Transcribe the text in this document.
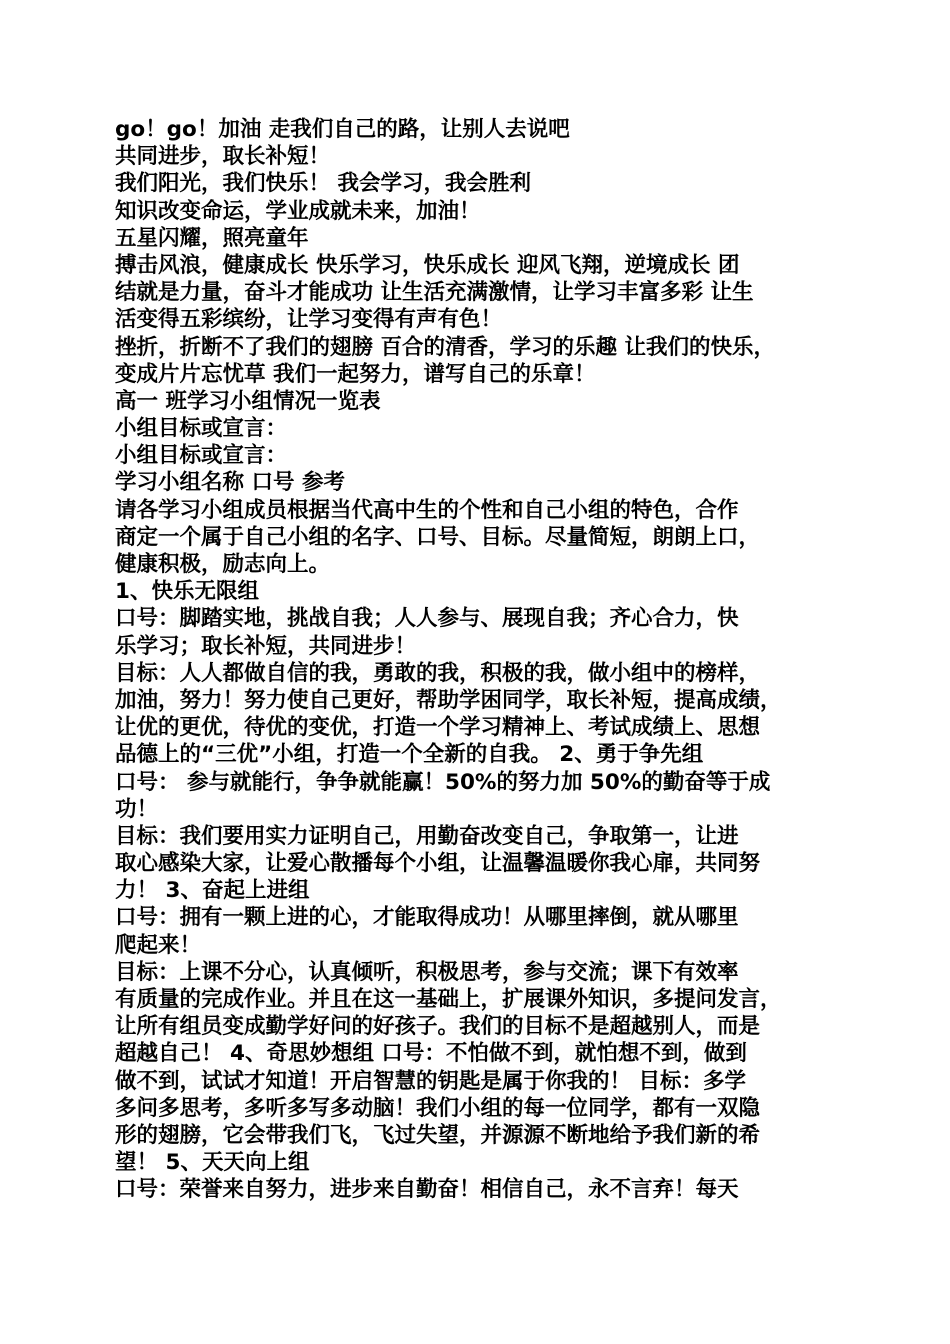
go！go！加油 走我们自己的路，让别人去说吧
共同进步，取长补短！
我们阳光，我们快乐！ 我会学习，我会胜利
知识改变命运，学业成就未来，加油！
五星闪耀，照亮童年
搏击风浪，健康成长 快乐学习，快乐成长 迎风飞翔，逆境成长 团
结就是力量，奋斗才能成功 让生活充满激情，让学习丰富多彩 让生
活变得五彩缤纷，让学习变得有声有色！
挫折，折断不了我们的翅膀 百合的清香，学习的乐趣 让我们的快乐，
变成片片忘忧草 我们一起努力，谱写自己的乐章！
高一 班学习小组情况一览表
小组目标或宣言：
小组目标或宣言：
学习小组名称 口号 参考
请各学习小组成员根据当代高中生的个性和自己小组的特色，合作
商定一个属于自己小组的名字、口号、目标。尽量简短，朗朗上口，
健康积极，励志向上。
1、快乐无限组
口号：脚踏实地，挑战自我；人人参与、展现自我；齐心合力，快
乐学习；取长补短，共同进步！
目标：人人都做自信的我，勇敢的我，积极的我，做小组中的榜样，
加油，努力！努力使自己更好，帮助学困同学，取长补短，提高成绩，
让优的更优，待优的变优，打造一个学习精神上、考试成绩上、思想
品德上的“三优”小组，打造一个全新的自我。 2、勇于争先组
口号： 参与就能行，争争就能赢！50%的努力加 50%的勤奋等于成
功！
目标：我们要用实力证明自己，用勤奋改变自己，争取第一，让进
取心感染大家，让爱心散播每个小组，让温馨温暖你我心扉，共同努
力！ 3、奋起上进组
口号：拥有一颗上进的心，才能取得成功！从哪里摔倒，就从哪里
爬起来！
目标：上课不分心，认真倾听，积极思考，参与交流；课下有效率
有质量的完成作业。并且在这一基础上，扩展课外知识，多提问发言，
让所有组员变成勤学好问的好孩子。我们的目标不是超越别人，而是
超越自己！ 4、奇思妙想组 口号：不怕做不到，就怕想不到，做到
做不到，试试才知道！开启智慧的钥匙是属于你我的！ 目标：多学
多问多思考，多听多写多动脑！我们小组的每一位同学，都有一双隐
形的翅膀，它会带我们飞，飞过失望，并源源不断地给予我们新的希
望！ 5、天天向上组
口号：荣誉来自努力，进步来自勤奋！相信自己，永不言弃！每天
